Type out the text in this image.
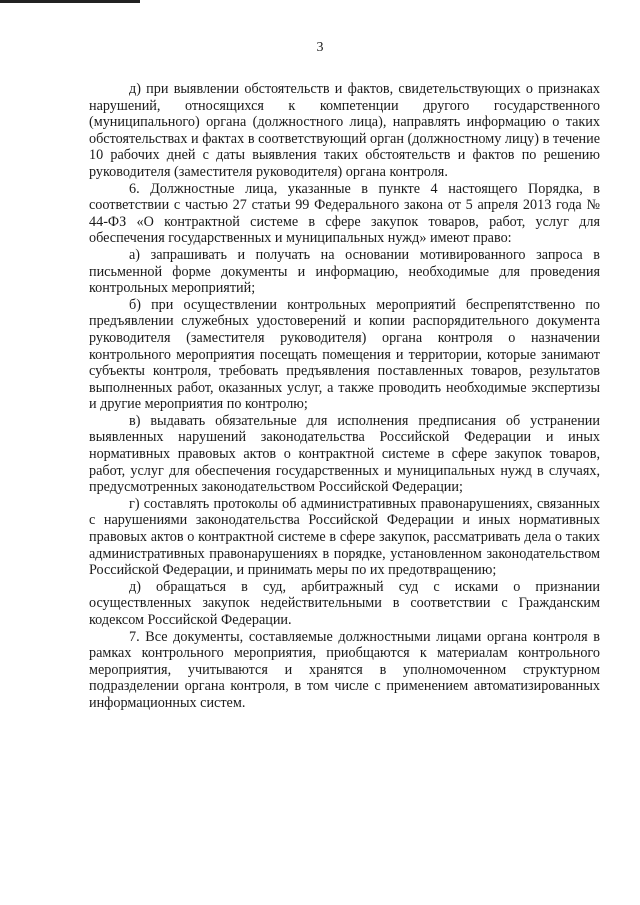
3

д) при выявлении обстоятельств и фактов, свидетельствующих о признаках нарушений, относящихся к компетенции другого государственного (муниципального) органа (должностного лица), направлять информацию о таких обстоятельствах и фактах в соответствующий орган (должностному лицу) в течение 10 рабочих дней с даты выявления таких обстоятельств и фактов по решению руководителя (заместителя руководителя) органа контроля.

6. Должностные лица, указанные в пункте 4 настоящего Порядка, в соответствии с частью 27 статьи 99 Федерального закона от 5 апреля 2013 года № 44-ФЗ «О контрактной системе в сфере закупок товаров, работ, услуг для обеспечения государственных и муниципальных нужд» имеют право:

а) запрашивать и получать на основании мотивированного запроса в письменной форме документы и информацию, необходимые для проведения контрольных мероприятий;

б) при осуществлении контрольных мероприятий беспрепятственно по предъявлении служебных удостоверений и копии распорядительного документа руководителя (заместителя руководителя) органа контроля о назначении контрольного мероприятия посещать помещения и территории, которые занимают субъекты контроля, требовать предъявления поставленных товаров, результатов выполненных работ, оказанных услуг, а также проводить необходимые экспертизы и другие мероприятия по контролю;

в) выдавать обязательные для исполнения предписания об устранении выявленных нарушений законодательства Российской Федерации и иных нормативных правовых актов о контрактной системе в сфере закупок товаров, работ, услуг для обеспечения государственных и муниципальных нужд в случаях, предусмотренных законодательством Российской Федерации;

г) составлять протоколы об административных правонарушениях, связанных с нарушениями законодательства Российской Федерации и иных нормативных правовых актов о контрактной системе в сфере закупок, рассматривать дела о таких административных правонарушениях в порядке, установленном законодательством Российской Федерации, и принимать меры по их предотвращению;

д) обращаться в суд, арбитражный суд с исками о признании осуществленных закупок недействительными в соответствии с Гражданским кодексом Российской Федерации.

7. Все документы, составляемые должностными лицами органа контроля в рамках контрольного мероприятия, приобщаются к материалам контрольного мероприятия, учитываются и хранятся в уполномоченном структурном подразделении органа контроля, в том числе с применением автоматизированных информационных систем.
